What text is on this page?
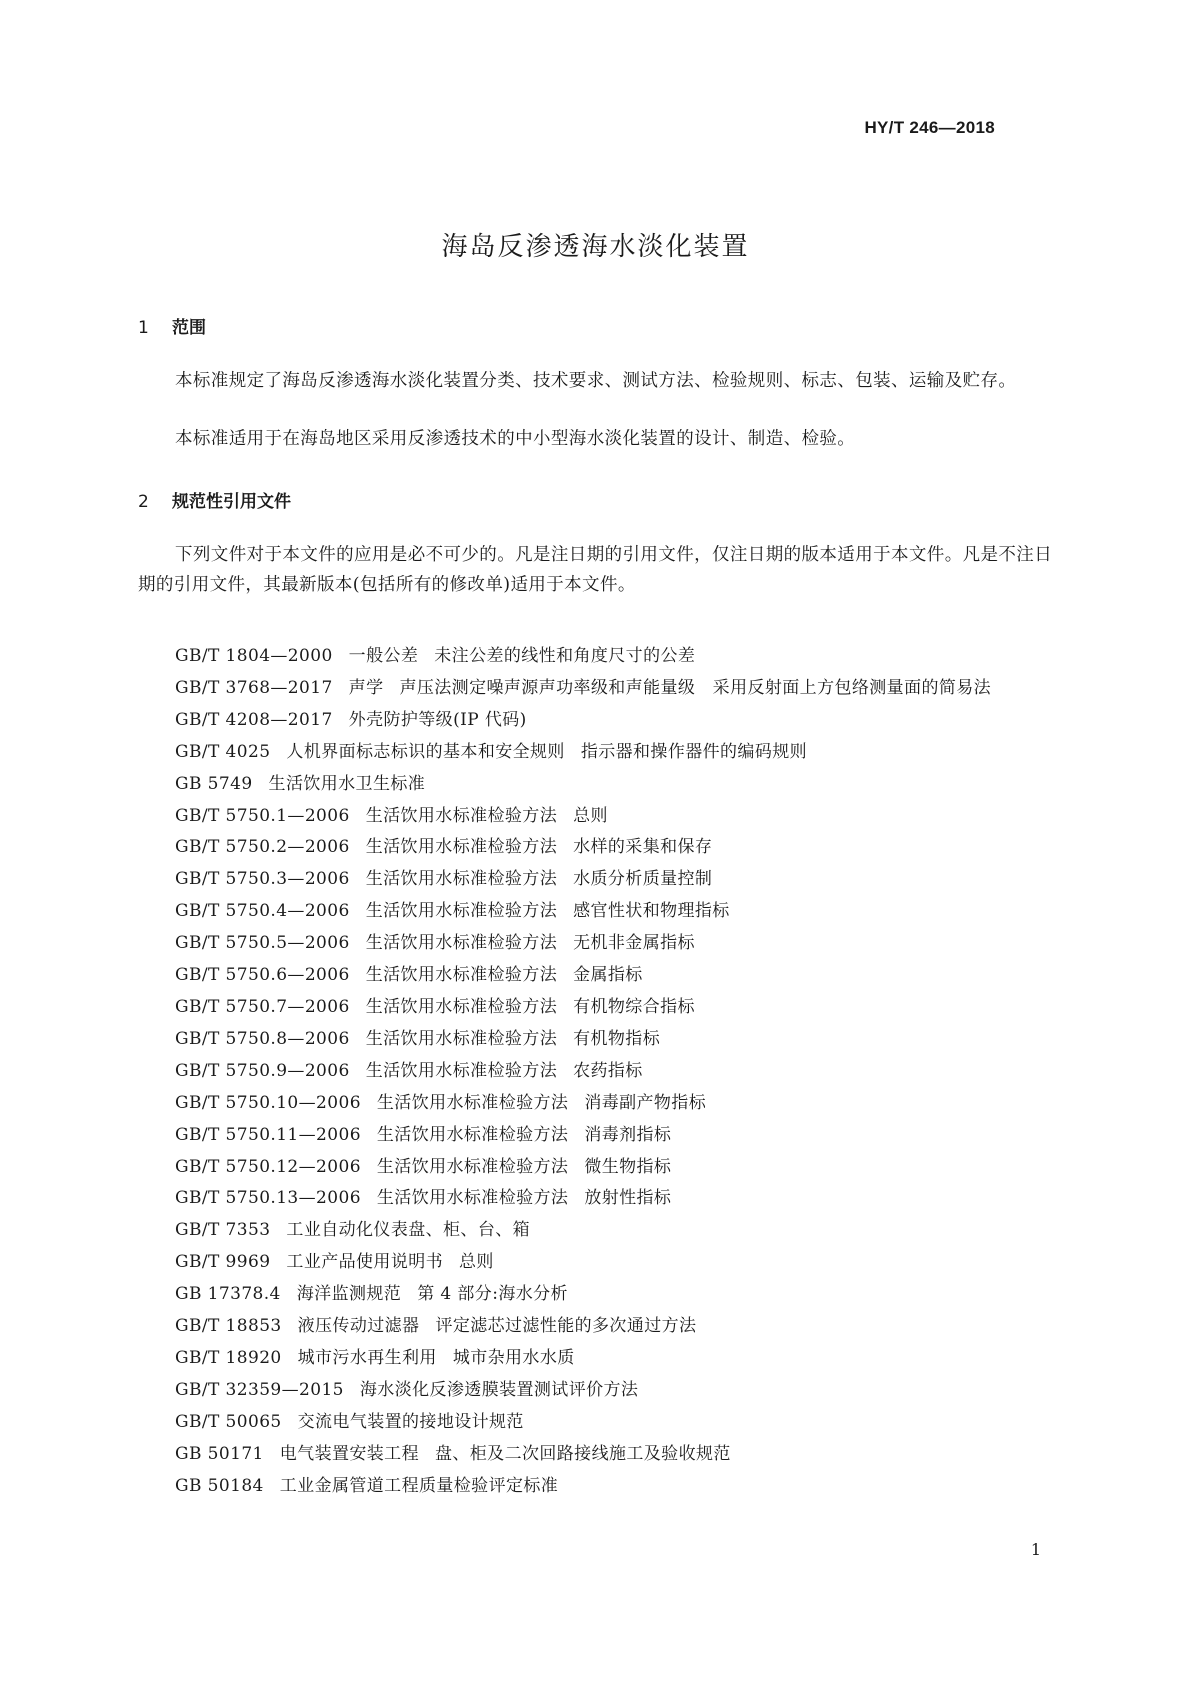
HY/T 246—2018
海岛反渗透海水淡化装置
1 范围

本标准规定了海岛反渗透海水淡化装置分类、技术要求、测试方法、检验规则、标志、包装、运输及贮存。

本标准适用于在海岛地区采用反渗透技术的中小型海水淡化装置的设计、制造、检验。

2 规范性引用文件

下列文件对于本文件的应用是必不可少的。凡是注日期的引用文件，仅注日期的版本适用于本文件。凡是不注日期的引用文件，其最新版本(包括所有的修改单)适用于本文件。

GB/T 1804—2000 一般公差 未注公差的线性和角度尺寸的公差
GB/T 3768—2017 声学 声压法测定噪声源声功率级和声能量级　采用反射面上方包络测量面的简易法
GB/T 4208—2017 外壳防护等级(IP 代码)
GB/T 4025 人机界面标志标识的基本和安全规则 指示器和操作器件的编码规则
GB 5749 生活饮用水卫生标准
GB/T 5750.1—2006 生活饮用水标准检验方法 总则
GB/T 5750.2—2006 生活饮用水标准检验方法 水样的采集和保存
GB/T 5750.3—2006 生活饮用水标准检验方法 水质分析质量控制
GB/T 5750.4—2006 生活饮用水标准检验方法 感官性状和物理指标
GB/T 5750.5—2006 生活饮用水标准检验方法 无机非金属指标
GB/T 5750.6—2006 生活饮用水标准检验方法 金属指标
GB/T 5750.7—2006 生活饮用水标准检验方法 有机物综合指标
GB/T 5750.8—2006 生活饮用水标准检验方法 有机物指标
GB/T 5750.9—2006 生活饮用水标准检验方法 农药指标
GB/T 5750.10—2006 生活饮用水标准检验方法 消毒副产物指标
GB/T 5750.11—2006 生活饮用水标准检验方法 消毒剂指标
GB/T 5750.12—2006 生活饮用水标准检验方法 微生物指标
GB/T 5750.13—2006 生活饮用水标准检验方法 放射性指标
GB/T 7353 工业自动化仪表盘、柜、台、箱
GB/T 9969 工业产品使用说明书 总则
GB 17378.4 海洋监测规范 第 4 部分:海水分析
GB/T 18853 液压传动过滤器 评定滤芯过滤性能的多次通过方法
GB/T 18920 城市污水再生利用 城市杂用水水质
GB/T 32359—2015 海水淡化反渗透膜装置测试评价方法
GB/T 50065 交流电气装置的接地设计规范
GB 50171 电气装置安装工程 盘、柜及二次回路接线施工及验收规范
GB 50184 工业金属管道工程质量检验评定标准
1
